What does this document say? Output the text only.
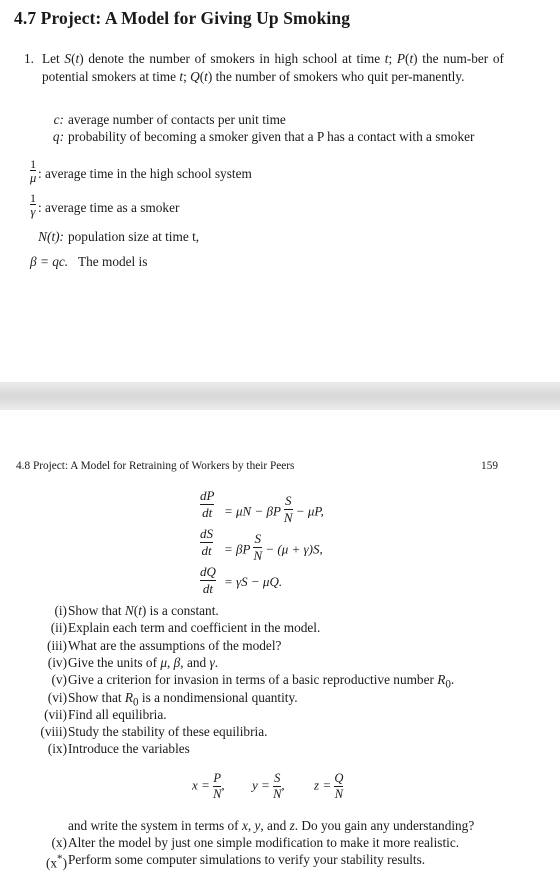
4.7 Project: A Model for Giving Up Smoking
1. Let S(t) denote the number of smokers in high school at time t; P(t) the num-ber of potential smokers at time t; Q(t) the number of smokers who quit per-manently.
c: average number of contacts per unit time
q: probability of becoming a smoker given that a P has a contact with a smoker
$\frac{1}{\mu}$ : average time in the high school system
$\frac{1}{\gamma}$ : average time as a smoker
N(t): population size at time t,
β = qc. The model is
4.8 Project: A Model for Retraining of Workers by their Peers	159
$\frac{dP}{dt} = \mu N - \beta P \frac{S}{N} - \mu P$,
$\frac{dS}{dt} = \beta P \frac{S}{N} - (\mu + \gamma)S$,
$\frac{dQ}{dt} = \gamma S - \mu Q$.
(i) Show that N(t) is a constant.
(ii) Explain each term and coefficient in the model.
(iii) What are the assumptions of the model?
(iv) Give the units of μ, β, and γ.
(v) Give a criterion for invasion in terms of a basic reproductive number $R_0$.
(vi) Show that $R_0$ is a nondimensional quantity.
(vii) Find all equilibria.
(viii) Study the stability of these equilibria.
(ix) Introduce the variables
$x = \frac{P}{N}$ , $y = \frac{S}{N}$ , $z = \frac{Q}{N}$
and write the system in terms of x, y, and z. Do you gain any understanding?
(x) Alter the model by just one simple modification to make it more realistic.
(x*) Perform some computer simulations to verify your stability results.
